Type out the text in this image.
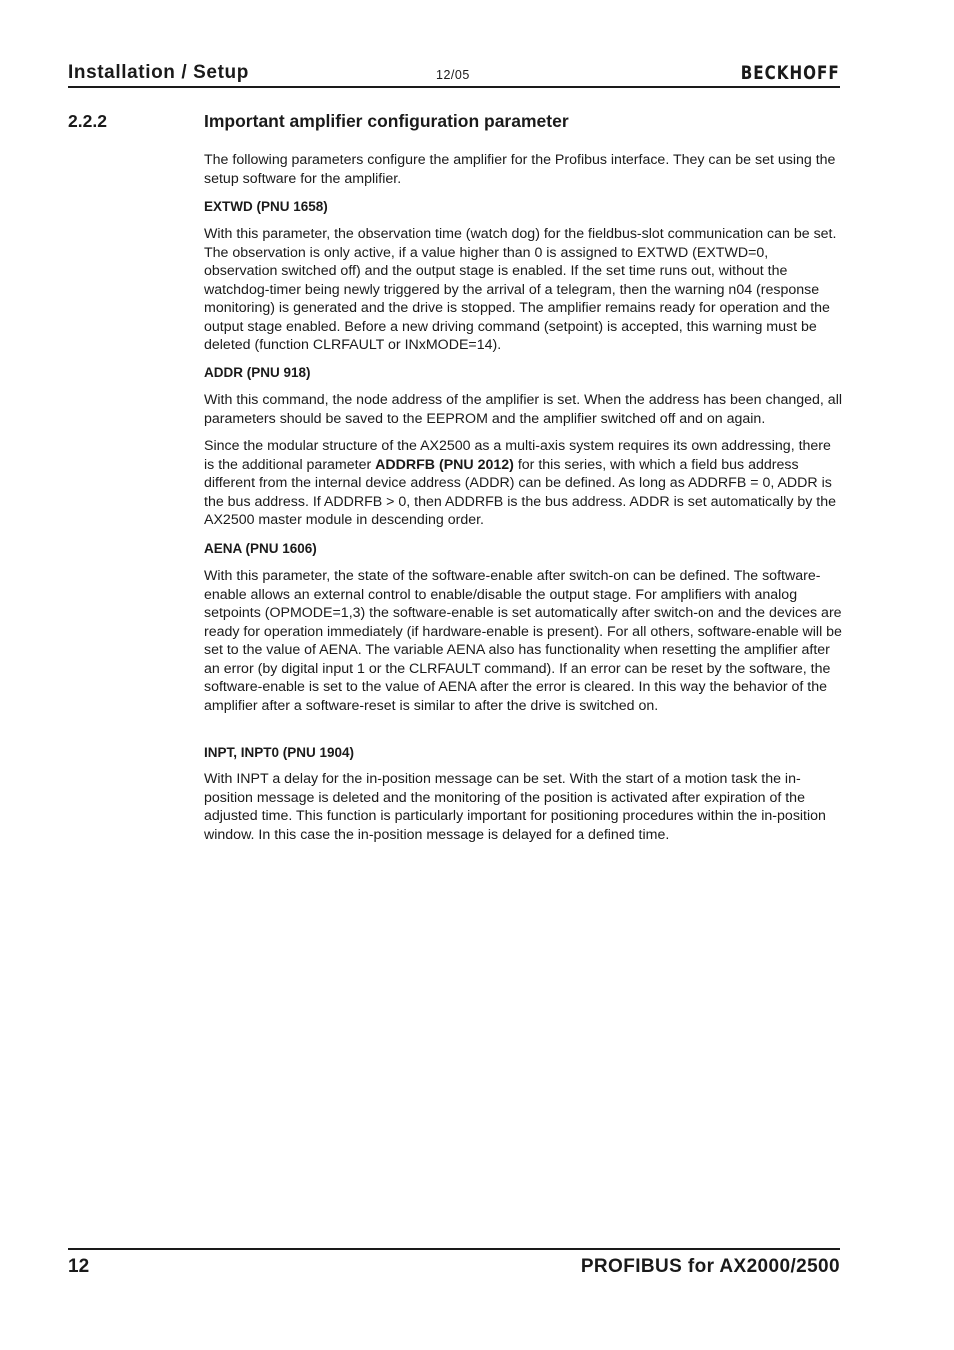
Installation / Setup	12/05	BECKHOFF
2.2.2	Important amplifier configuration parameter
The following parameters configure the amplifier for the Profibus interface. They can be set using the setup software for the amplifier.
EXTWD (PNU 1658)
With this parameter, the observation time (watch dog) for the fieldbus-slot communication can be set. The observation is only active, if a value higher than 0 is assigned to EXTWD (EXTWD=0, observation switched off) and the output stage is enabled. If the set time runs out, without the watchdog-timer being newly triggered by the arrival of a telegram, then the warning n04 (response monitoring) is generated and the drive is stopped. The amplifier remains ready for operation and the output stage enabled. Before a new driving command (setpoint) is accepted, this warning must be deleted (function CLRFAULT or INxMODE=14).
ADDR (PNU 918)
With this command, the node address of the amplifier is set. When the address has been changed, all parameters should be saved to the EEPROM and the amplifier switched off and on again.
Since the modular structure of the AX2500 as a multi-axis system requires its own addressing, there is the additional parameter ADDRFB (PNU 2012) for this series, with which a field bus address different from the internal device address (ADDR) can be defined. As long as ADDRFB = 0, ADDR is the bus address. If ADDRFB > 0, then ADDRFB is the bus address. ADDR is set automatically by the AX2500 master module in descending order.
AENA (PNU 1606)
With this parameter, the state of the software-enable after switch-on can be defined. The software-enable allows an external control to enable/disable the output stage. For amplifiers with analog setpoints (OPMODE=1,3) the software-enable is set automatically after switch-on and the devices are ready for operation immediately (if hardware-enable is present). For all others, software-enable will be set to the value of AENA. The variable AENA also has functionality when resetting the amplifier after an error (by digital input 1 or the CLRFAULT command). If an error can be reset by the software, the software-enable is set to the value of AENA after the error is cleared. In this way the behavior of the amplifier after a software-reset is similar to after the drive is switched on.
INPT, INPT0 (PNU 1904)
With INPT a delay for the in-position message can be set. With the start of a motion task the in-position message is deleted and the monitoring of the position is activated after expiration of the adjusted time. This function is particularly important for positioning procedures within the in-position window. In this case the in-position message is delayed for a defined time.
12	PROFIBUS for AX2000/2500
